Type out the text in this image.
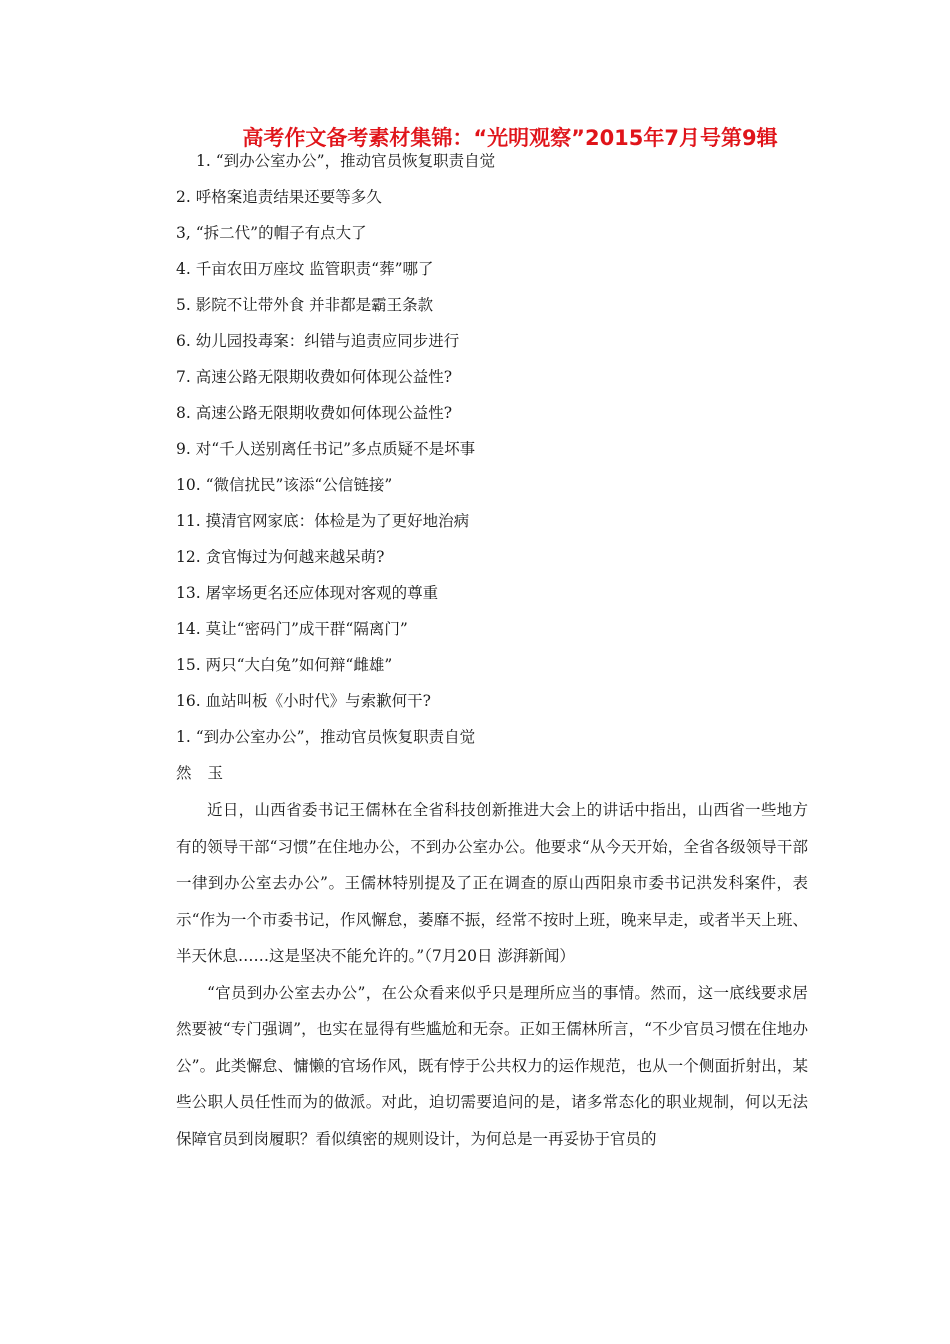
高考作文备考素材集锦：“光明观察”2015年7月号第9辑
1. “到办公室办公”，推动官员恢复职责自觉
2. 呼格案追责结果还要等多久
3, “拆二代”的帽子有点大了
4. 千亩农田万座坟 监管职责“葬”哪了
5. 影院不让带外食 并非都是霸王条款
6. 幼儿园投毒案：纠错与追责应同步进行
7. 高速公路无限期收费如何体现公益性?
8. 高速公路无限期收费如何体现公益性?
9. 对“千人送别离任书记”多点质疑不是坏事
10. “微信扰民”该添“公信链接”
11. 摸清官网家底：体检是为了更好地治病
12. 贪官悔过为何越来越呆萌?
13. 屠宰场更名还应体现对客观的尊重
14. 莫让“密码门”成干群“隔离门”
15. 两只“大白兔”如何辩“雌雄”
16. 血站叫板《小时代》与索歉何干?
1. “到办公室办公”，推动官员恢复职责自觉
然玉

近日，山西省委书记王儒林在全省科技创新推进大会上的讲话中指出，山西省一些地方有的领导干部“习惯”在住地办公，不到办公室办公。他要求“从今天开始，全省各级领导干部一律到办公室去办公”。王儒林特别提及了正在调查的原山西阳泉市委书记洪发科案件，表示“作为一个市委书记，作风懈怠，萎靡不振，经常不按时上班，晚来早走，或者半天上班、半天休息……这是坚决不能允许的。”（7月20日 澎湃新闻）

“官员到办公室去办公”，在公众看来似乎只是理所应当的事情。然而，这一底线要求居然要被“专门强调”，也实在显得有些尴尬和无奈。正如王儒林所言，“不少官员习惯在住地办公”。此类懈怠、慵懒的官场作风，既有悖于公共权力的运作规范，也从一个侧面折射出，某些公职人员任性而为的做派。对此，迫切需要追问的是，诸多常态化的职业规制，何以无法保障官员到岗履职？看似缜密的规则设计，为何总是一再妥协于官员的
